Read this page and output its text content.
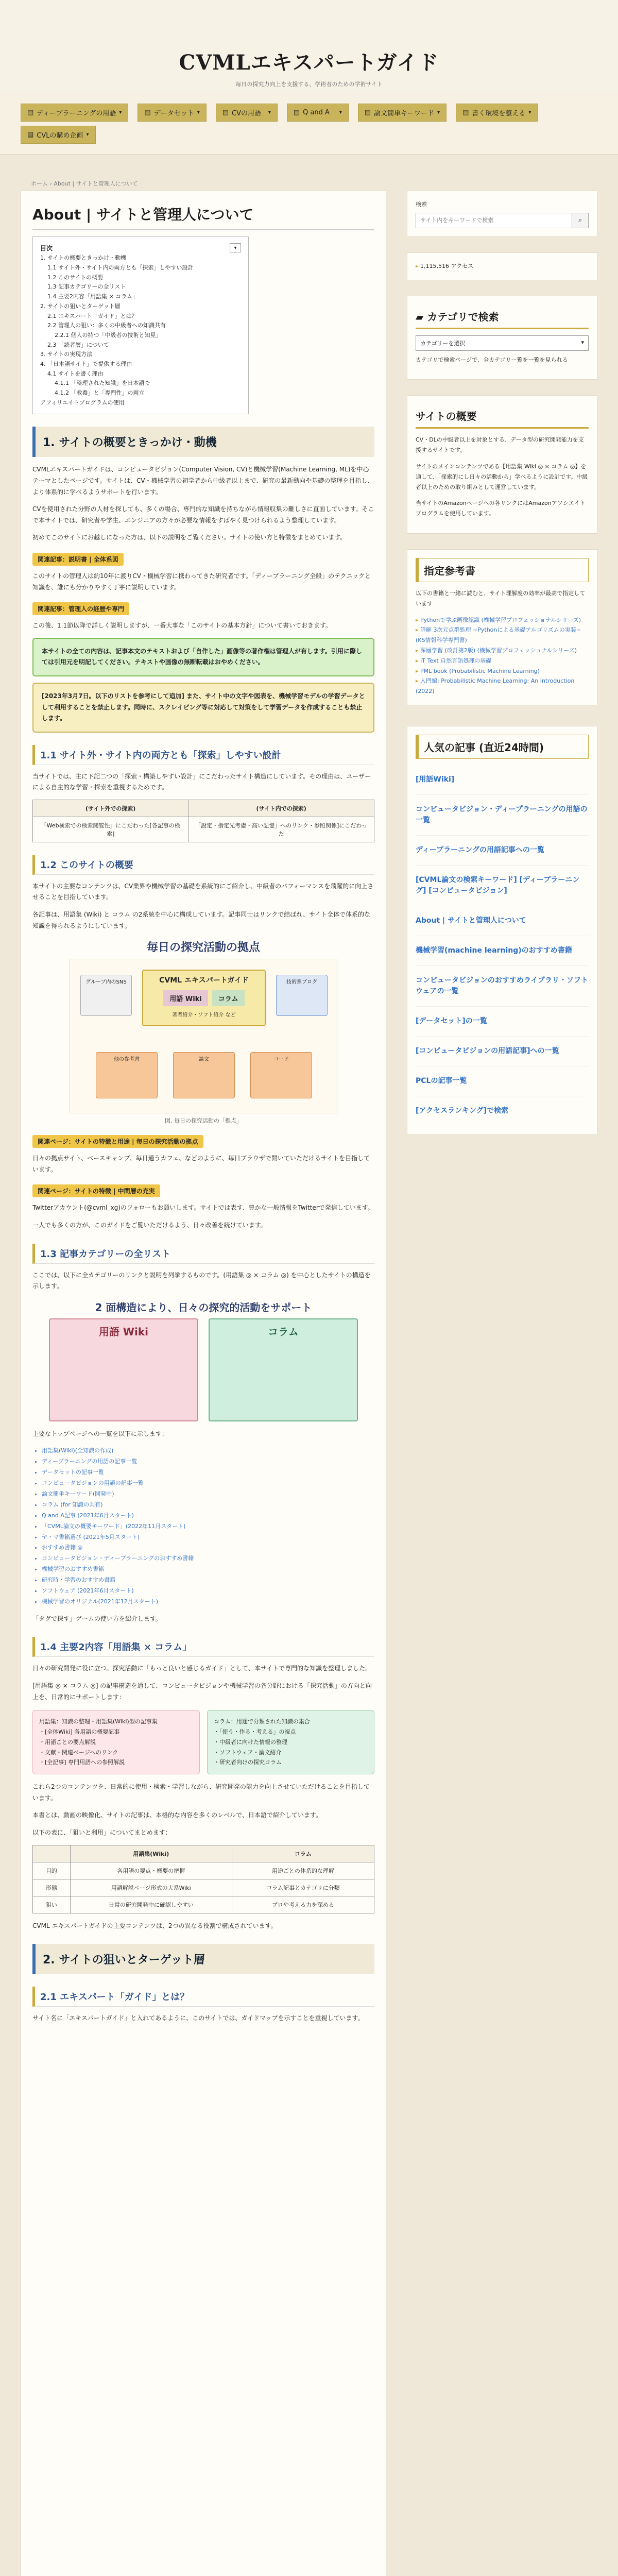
CVMLエキスパートガイド
毎日の探究力向上を支援する、学術者のための学術サイト
▤ ディープラーニングの用語 ▾	▤ データセット ▾	▤ CVの用語 ▾	▤ Q and A ▾	▤ 論文簡単キーワード ▾	▤ 書く環境を整える ▾
▤ CVLの購め企画 ▾
ホーム › About | サイトと管理人について
About | サイトと管理人について
目次	▾
1. サイトの概要ときっかけ・動機
1.1 サイト外・サイト内の両方とも「探索」しやすい設計
1.2 このサイトの概要
1.3 記事カテゴリーの全リスト
1.4 主要2内容「用語集 × コラム」
2. サイトの狙いとターゲット層
2.1 エキスパート「ガイド」とは？
2.2 管理人の狙い：多くの中級者への知識共有
2.2.1 個人の持つ「中級者の技術と知見」
2.3 「読者層」について
3. サイトの実現方法
4. 「日本語サイト」で提供する理由
4.1 サイトを書く理由
4.1.1 「整理された知識」を日本語で
4.1.2 「教養」と「専門性」の両立
アフィリエイトプログラムの使用
1. サイトの概要ときっかけ・動機

CVMLエキスパートガイドは、コンピュータビジョン(Computer Vision, CV)と機械学習(Machine Learning, ML)を中心テーマとしたページです。サイトは、CV・機械学習の初学者から中級者以上まで、研究の最新動向や基礎の整理を目指し、より体系的に学べるようサポートを行います。

CVを使用された分野の人材を探しても、多くの場合、専門的な知識を持ちながら情報収集の難しさに直面しています。そこで本サイトでは、研究者や学生、エンジニアの方々が必要な情報をすばやく見つけられるよう整理しています。

初めてこのサイトにお越しになった方は、以下の説明をご覧ください。サイトの使い方と特徴をまとめています。

関連記事：説明書 | 全体系図

このサイトの管理人は約10年に渡りCV・機械学習に携わってきた研究者です。「ディープラーニング全般」のテクニックと知識を、誰にも分かりやすく丁寧に説明しています。

関連記事：管理人の経歴や専門

この後、1.1節以降で詳しく説明しますが、一番大事な「このサイトの基本方針」について書いておきます。

本サイトの全ての内容は、記事本文のテキストおよび「自作した」画像等の著作権は管理人が有します。引用に際しては引用元を明記してください。テキストや画像の無断転載はおやめください。
[2023年3月7日。以下のリストを参考にして追加] また、サイト中の文字や図表を、機械学習モデルの学習データとして利用することを禁止します。同時に、スクレイピング等に対応して対策をして学習データを作成することも禁止します。
1.1 サイト外・サイト内の両方とも「探索」しやすい設計

当サイトでは、主に下記二つの「探索・構築しやすい設計」にこだわったサイト構造にしています。その理由は、ユーザーによる自主的な学習・探索を重視するためです。

(サイト外での探索)	(サイト内での探索)
「Web検索での検索閲覧性」にこだわった[各記事の検索]	「設定・指定先考慮・高い記憶」へのリンク・参照関係]にこだわった
1.2 このサイトの概要

本サイトの主要なコンテンツは、CV業界や機械学習の基礎を系統的にご紹介し、中級者のパフォーマンスを飛躍的に向上させることを目指しています。

各記事は、用語集 (Wiki) と コラム の2系統を中心に構成しています。記事同士はリンクで結ばれ、サイト全体で体系的な知識を得られるようにしています。

毎日の探究活動の拠点
CVML エキスパートガイド
用語 Wiki	コラム
著者紹介・ソフト紹介 など
グループ内のSNS	技術系ブログ
他の参考書	論文	コード
図. 毎日の探究活動の「拠点」
関連ページ：サイトの特徴と用途 | 毎日の探究活動の拠点

日々の拠点サイト、ベースキャンプ、毎日通うカフェ、などのように、毎日ブラウザで開いていただけるサイトを目指しています。

関連ページ：サイトの特徴 | 中間層の充実

Twitterアカウント(@cvml_xg)のフォローもお願いします。サイトでは表す、豊かな一般情報をTwitterで発信しています。

一人でも多くの方が、このガイドをご覧いただけるよう、日々改善を続けています。

1.3 記事カテゴリーの全リスト

ここでは、以下に全カテゴリーのリンクと説明を列挙するものです。(用語集 ◎ × コラム ◎) を中心としたサイトの構造を示します。

2 面構造により、日々の探究的活動をサポート
用語 Wiki	コラム

主要なトップページへの一覧を以下に示します：

• 用語集(Wiki)(全知識の作成)
• ディープラーニングの用語の記事一覧
• データセットの記事一覧
• コンピュータビジョンの用語の記事一覧
• 論文簡単キーワード(開発中)
• コラム (for 知識の共有)
• Q and A記事 (2021年6月スタート)
• 「CVML論文の概要キーワード」(2022年11月スタート)
• ヤ・マ書籍選び (2021年5月スタート)
• おすすめ書籍 ◎
• コンピュータビジョン・ディープラーニングのおすすめ書籍
• 機械学習のおすすめ書籍
• 研究時・学習のおすすめ書籍
• ソフトウェア (2021年6月スタート)
• 機械学習のオリジナル(2021年12月スタート)

「タグで探す」ゲームの使い方を紹介します。

1.4 主要2内容「用語集 × コラム」

日々の研究開発に役に立つ。探究活動に「もっと良いと感じるガイド」として、本サイトで専門的な知識を整理しました。

[用語集 ◎ × コラム ◎] の記事構造を通して、コンピュータビジョンや機械学習の各分野における「探究活動」の方向と向上を、日常的にサポートします：

用語集：知識の整理・用語集(Wiki)型の記事集
・[全体Wiki] 各用語の概要記事
・用語ごとの要点解説
・文献・関連ページへのリンク
・[全記事] 専門用語への参照解説
コラム：用途で分類された知識の集合
・「使う・作る・考える」の視点
・中級者に向けた情報の整理
・ソフトウェア・論文紹介
・研究者向けの探究コラム

これら2つのコンテンツを、日常的に使用・検索・学習しながら、研究開発の能力を向上させていただけることを目指しています。

本書とは、動画の映像化、サイトの記事は、本格的な内容を多くのレベルで、日本語で紹介しています。

以下の表に、「狙いと利用」についてまとめます：

	用語集(Wiki)	コラム
目的	各用語の要点・概要の把握	用途ごとの体系的な理解
形態	用語解説ページ形式の大系Wiki	コラム記事とカテゴリに分類
狙い	日常の研究開発中に確認しやすい	プロや考える力を深める

CVML エキスパートガイドの主要コンテンツは、2つの異なる役割で構成されています。

2. サイトの狙いとターゲット層
2.1 エキスパート「ガイド」とは？

サイト名に「エキスパートガイド」と入れてあるように、このサイトでは、ガイドマップを示すことを重視しています。

検索
サイト内をキーワードで検索
⌕
▸ 1,115,516 アクセス
▰ カテゴリで検索
カテゴリーを選択	▾

カテゴリで検索ページで、全カテゴリー覧を一覧を見られる

サイトの概要

CV・DLの中級者以上を対象とする、データ型の研究開発能力を支援するサイトです。

サイトのメインコンテンツである【用語集 Wiki ◎ × コラム ◎】を通して、「探索的にし日々の活動から」学べるように設計です。中級者以上のための取り組みとして運営しています。

当サイトのAmazonページへの各リンクにはAmazonアソシエイトプログラムを使用しています。

指定参考書

以下の書籍と一緒に読むと、サイト理解度の効率が最高で指定しています

▸ Pythonで学ぶ画像認識 (機械学習プロフェッショナルシリーズ)
▸ 詳解 3次元点群処理 ~Pythonによる基礎アルゴリズムの実装~ (KS情報科学専門書)
▸ 深層学習 (改訂第2版) (機械学習プロフェッショナルシリーズ)
▸ IT Text 自然言語処理の基礎
▸ PML book (Probabilistic Machine Learning)
▸ 入門編: Probabilistic Machine Learning: An Introduction (2022)
人気の記事 (直近24時間)
[用語Wiki]
コンピュータビジョン・ディープラーニングの用語の一覧
ディープラーニングの用語記事への一覧
[CVML論文の検索キーワード] [ディープラーニング] [コンピュータビジョン]
About | サイトと管理人について
機械学習(machine learning)のおすすめ書籍
コンピュータビジョンのおすすめライブラリ・ソフトウェアの一覧
[データセット]の一覧
[コンピュータビジョンの用語記事]への一覧
PCLの記事一覧
[アクセスランキング]で検索
